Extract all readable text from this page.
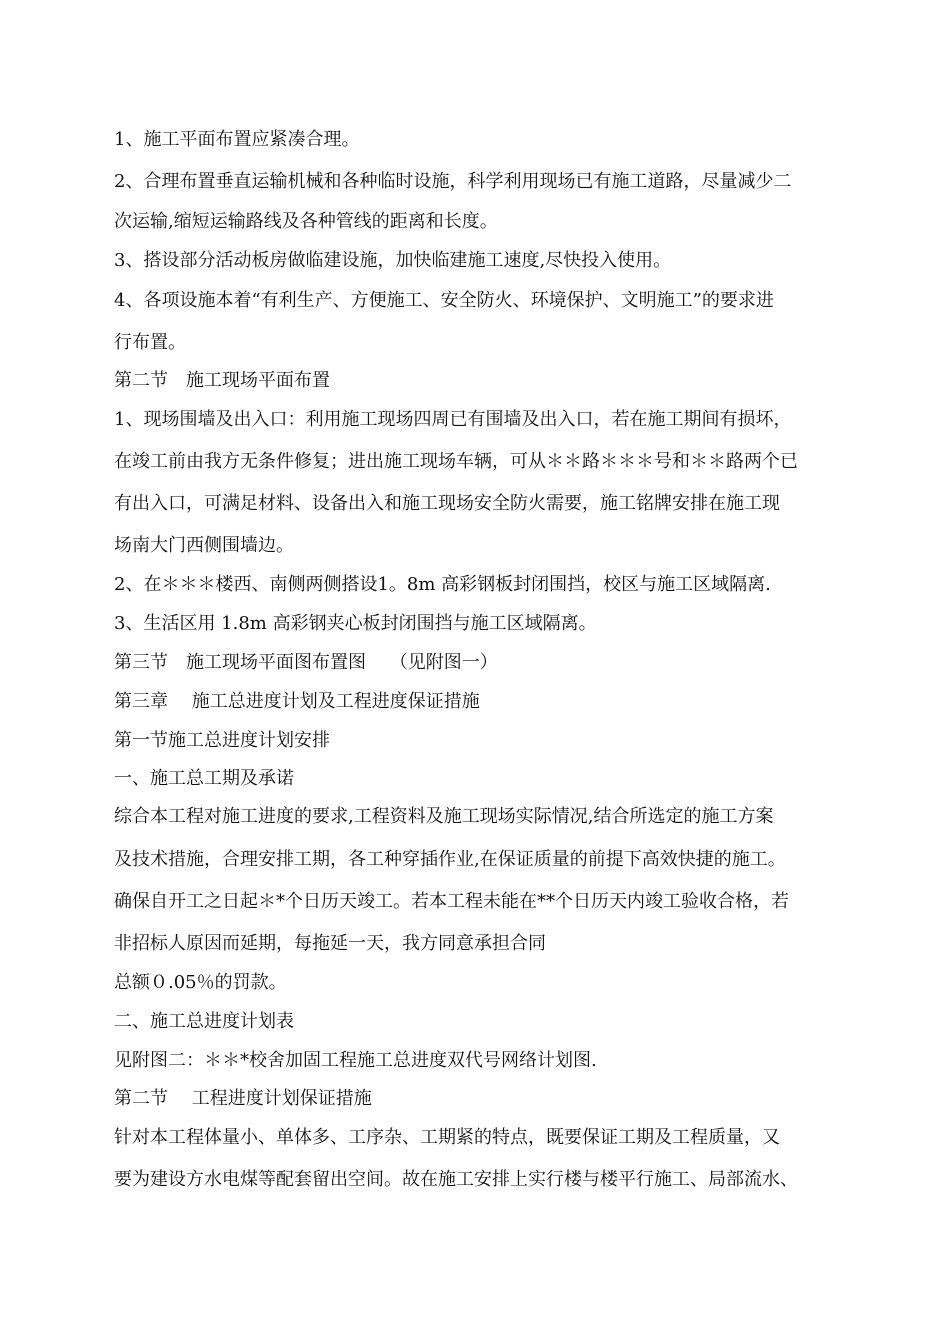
1、施工平面布置应紧凑合理。
2、合理布置垂直运输机械和各种临时设施，科学利用现场已有施工道路，尽量减少二
次运输,缩短运输路线及各种管线的距离和长度。
3、搭设部分活动板房做临建设施，加快临建施工速度,尽快投入使用。
4、各项设施本着“有利生产、方便施工、安全防火、环境保护、文明施工”的要求进
行布置。
第二节　施工现场平面布置
1、现场围墙及出入口：利用施工现场四周已有围墙及出入口，若在施工期间有损坏，
在竣工前由我方无条件修复；进出施工现场车辆，可从＊＊路＊＊＊号和＊＊路两个已
有出入口，可满足材料、设备出入和施工现场安全防火需要，施工铭牌安排在施工现
场南大门西侧围墙边。
2、在＊＊＊楼西、南侧两侧搭设1。8m 高彩钢板封闭围挡，校区与施工区域隔离.
3、生活区用 1.8m 高彩钢夹心板封闭围挡与施工区域隔离。
第三节　施工现场平面图布置图　 （见附图一）
第三章　 施工总进度计划及工程进度保证措施
第一节施工总进度计划安排
一、施工总工期及承诺
综合本工程对施工进度的要求,工程资料及施工现场实际情况,结合所选定的施工方案
及技术措施，合理安排工期，各工种穿插作业,在保证质量的前提下高效快捷的施工。
确保自开工之日起＊*个日历天竣工。若本工程未能在**个日历天内竣工验收合格，若
非招标人原因而延期，每拖延一天，我方同意承担合同
总额０.05％的罚款。
二、施工总进度计划表
见附图二：＊＊*校舍加固工程施工总进度双代号网络计划图.
第二节　 工程进度计划保证措施
针对本工程体量小、单体多、工序杂、工期紧的特点，既要保证工期及工程质量，又
要为建设方水电煤等配套留出空间。故在施工安排上实行楼与楼平行施工、局部流水、
